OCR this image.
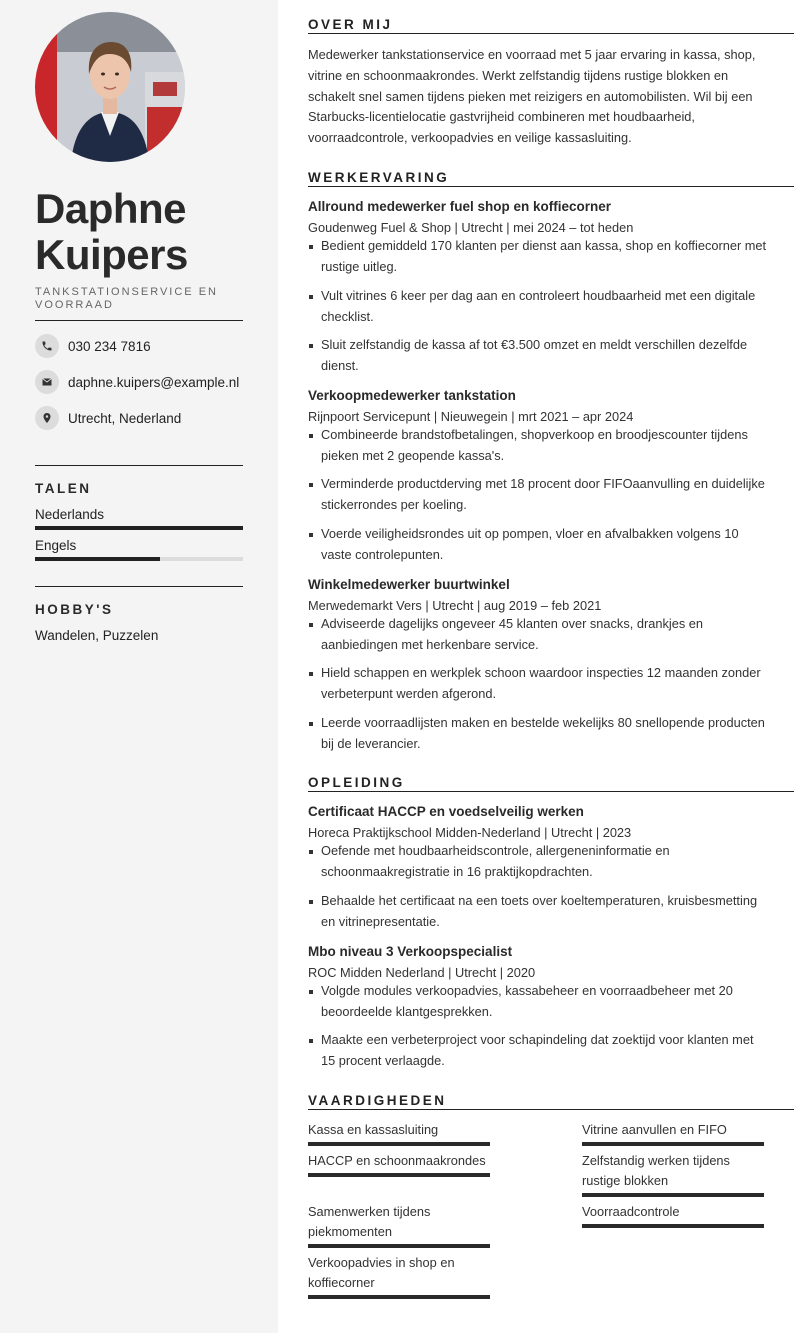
Daphne
Kuipers
TANKSTATIONSERVICE EN VOORRAAD
030 234 7816
daphne.kuipers@example.nl
Utrecht, Nederland
TALEN
Nederlands
Engels
HOBBY'S
Wandelen, Puzzelen
OVER MIJ
Medewerker tankstationservice en voorraad met 5 jaar ervaring in kassa, shop, vitrine en schoonmaakrondes. Werkt zelfstandig tijdens rustige blokken en schakelt snel samen tijdens pieken met reizigers en automobilisten. Wil bij een Starbucks-licentielocatie gastvrijheid combineren met houdbaarheid, voorraadcontrole, verkoopadvies en veilige kassasluiting.
WERKERVARING
Allround medewerker fuel shop en koffiecorner
Goudenweg Fuel & Shop | Utrecht | mei 2024 – tot heden
Bedient gemiddeld 170 klanten per dienst aan kassa, shop en koffiecorner met rustige uitleg.
Vult vitrines 6 keer per dag aan en controleert houdbaarheid met een digitale checklist.
Sluit zelfstandig de kassa af tot €3.500 omzet en meldt verschillen dezelfde dienst.
Verkoopmedewerker tankstation
Rijnpoort Servicepunt | Nieuwegein | mrt 2021 – apr 2024
Combineerde brandstofbetalingen, shopverkoop en broodjescounter tijdens pieken met 2 geopende kassa's.
Verminderde productderving met 18 procent door FIFOaanvulling en duidelijke stickerrondes per koeling.
Voerde veiligheidsrondes uit op pompen, vloer en afvalbakken volgens 10 vaste controlepunten.
Winkelmedewerker buurtwinkel
Merwedemarkt Vers | Utrecht | aug 2019 – feb 2021
Adviseerde dagelijks ongeveer 45 klanten over snacks, drankjes en aanbiedingen met herkenbare service.
Hield schappen en werkplek schoon waardoor inspecties 12 maanden zonder verbeterpunt werden afgerond.
Leerde voorraadlijsten maken en bestelde wekelijks 80 snellopende producten bij de leverancier.
OPLEIDING
Certificaat HACCP en voedselveilig werken
Horeca Praktijkschool Midden-Nederland | Utrecht | 2023
Oefende met houdbaarheidscontrole, allergeneninformatie en schoonmaakregistratie in 16 praktijkopdrachten.
Behaalde het certificaat na een toets over koeltemperaturen, kruisbesmetting en vitrinepresentatie.
Mbo niveau 3 Verkoopspecialist
ROC Midden Nederland | Utrecht | 2020
Volgde modules verkoopadvies, kassabeheer en voorraadbeheer met 20 beoordeelde klantgesprekken.
Maakte een verbeterproject voor schapindeling dat zoektijd voor klanten met 15 procent verlaagde.
VAARDIGHEDEN
Kassa en kassasluiting
HACCP en schoonmaakrondes
Samenwerken tijdens piekmomenten
Verkoopadvies in shop en koffiecorner
Vitrine aanvullen en FIFO
Zelfstandig werken tijdens rustige blokken
Voorraadcontrole
